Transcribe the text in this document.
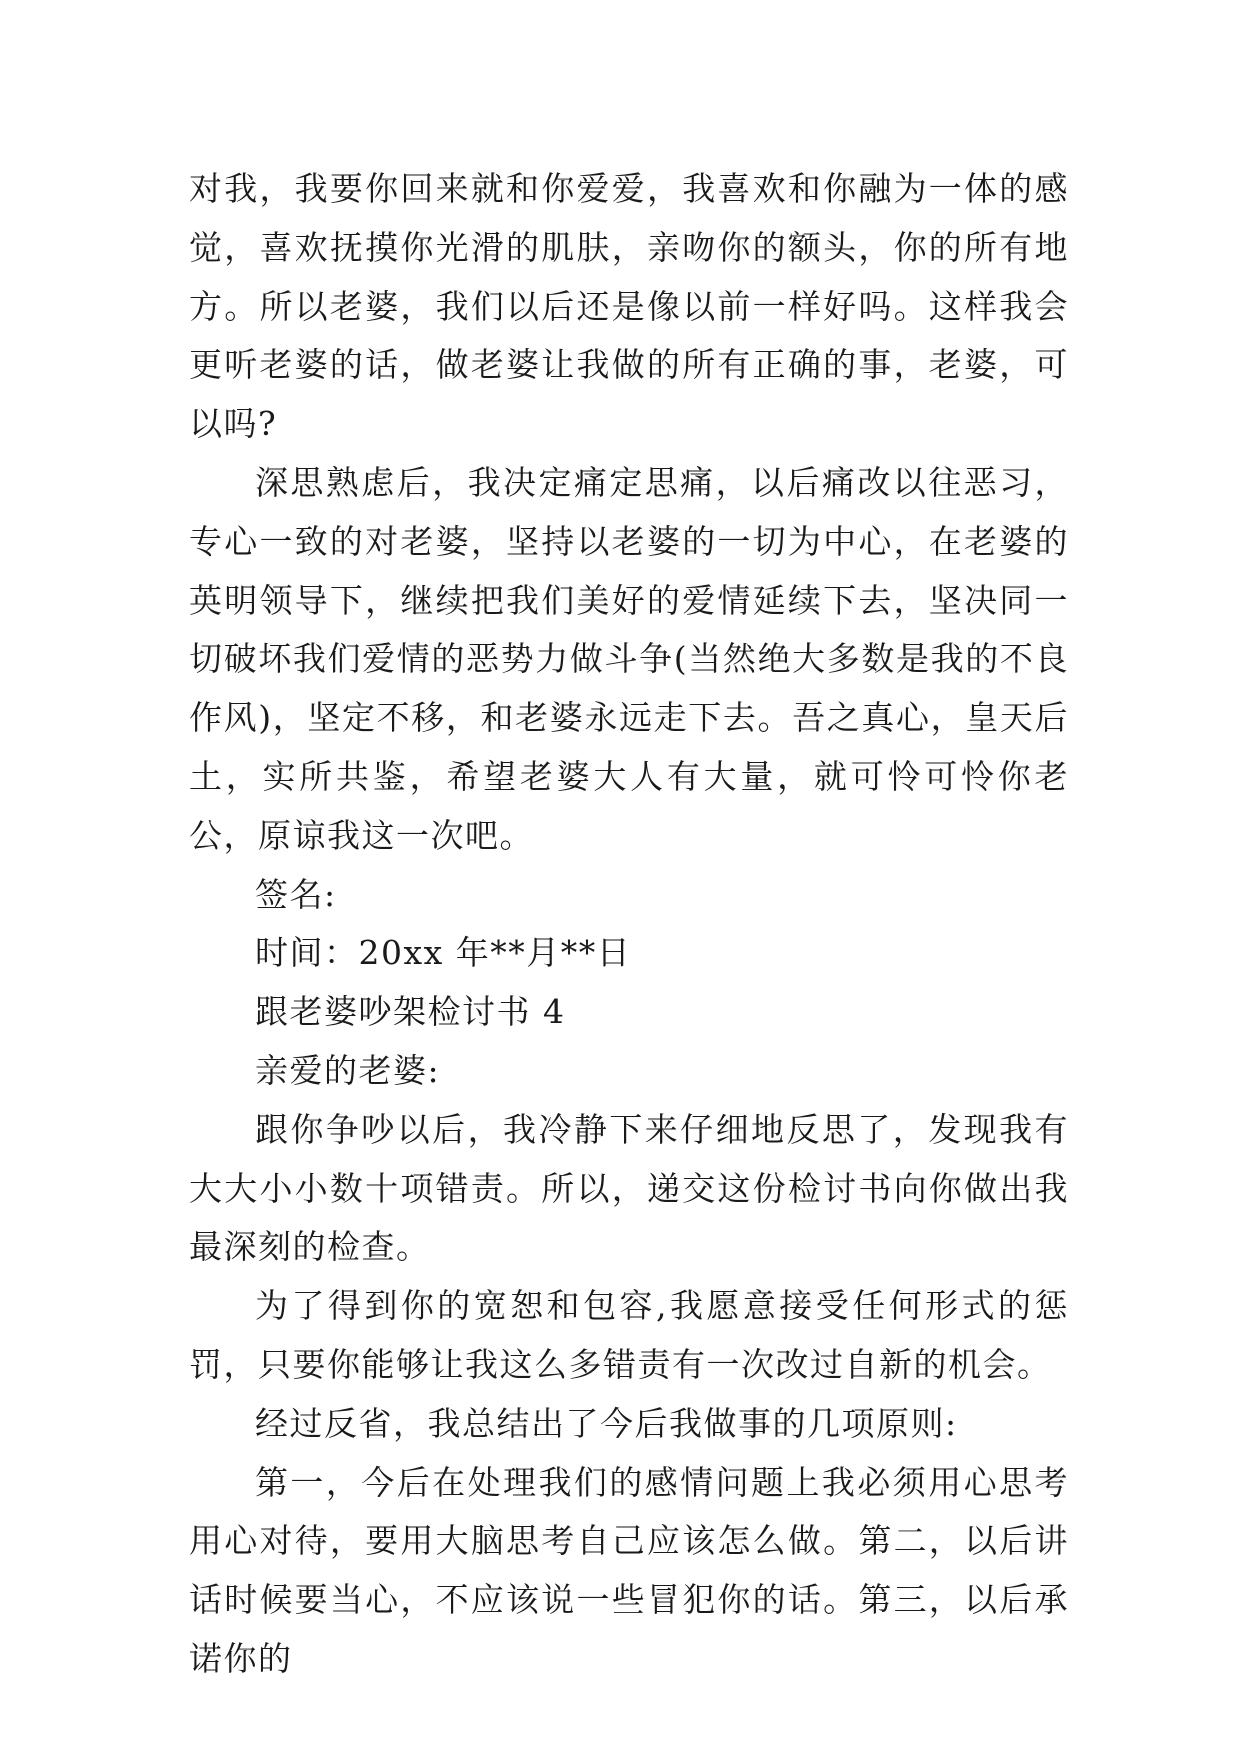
对我，我要你回来就和你爱爱，我喜欢和你融为一体的感觉，喜欢抚摸你光滑的肌肤，亲吻你的额头，你的所有地方。所以老婆，我们以后还是像以前一样好吗。这样我会更听老婆的话，做老婆让我做的所有正确的事，老婆，可以吗?

深思熟虑后，我决定痛定思痛，以后痛改以往恶习，专心一致的对老婆，坚持以老婆的一切为中心，在老婆的英明领导下，继续把我们美好的爱情延续下去，坚决同一切破坏我们爱情的恶势力做斗争(当然绝大多数是我的不良作风)，坚定不移，和老婆永远走下去。吾之真心，皇天后土，实所共鉴，希望老婆大人有大量，就可怜可怜你老公，原谅我这一次吧。

签名:

时间：20xx 年**月**日

跟老婆吵架检讨书 4

亲爱的老婆:

跟你争吵以后，我冷静下来仔细地反思了，发现我有大大小小数十项错责。所以，递交这份检讨书向你做出我最深刻的检查。

为了得到你的宽恕和包容,我愿意接受任何形式的惩罚，只要你能够让我这么多错责有一次改过自新的机会。

经过反省，我总结出了今后我做事的几项原则:

第一，今后在处理我们的感情问题上我必须用心思考用心对待，要用大脑思考自己应该怎么做。第二，以后讲话时候要当心，不应该说一些冒犯你的话。第三，以后承诺你的
